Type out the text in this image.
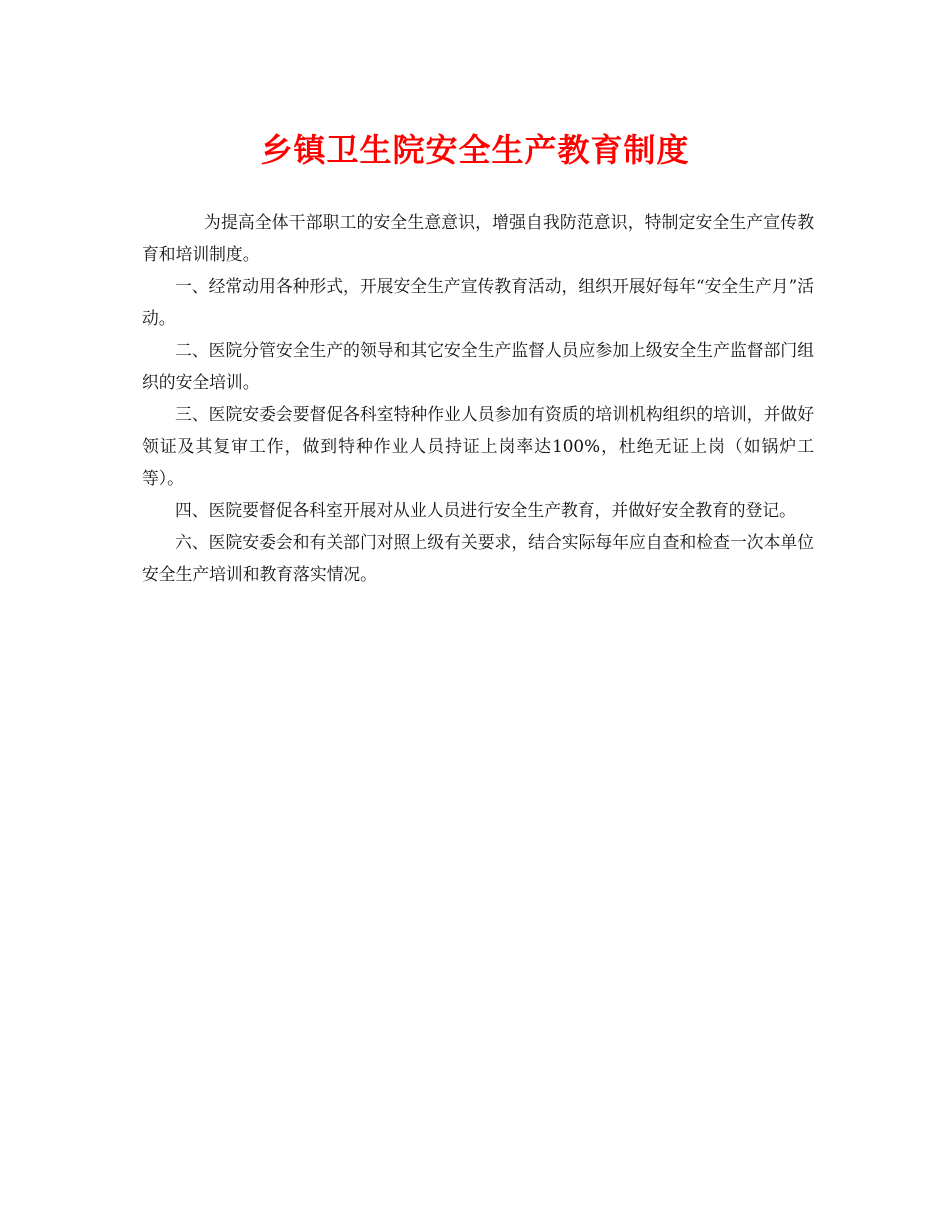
乡镇卫生院安全生产教育制度

为提高全体干部职工的安全生意意识，增强自我防范意识，特制定安全生产宣传教育和培训制度。

一、经常动用各种形式，开展安全生产宣传教育活动，组织开展好每年“安全生产月”活动。

二、医院分管安全生产的领导和其它安全生产监督人员应参加上级安全生产监督部门组织的安全培训。

三、医院安委会要督促各科室特种作业人员参加有资质的培训机构组织的培训，并做好领证及其复审工作，做到特种作业人员持证上岗率达100%，杜绝无证上岗（如锅炉工等）。

四、医院要督促各科室开展对从业人员进行安全生产教育，并做好安全教育的登记。

六、医院安委会和有关部门对照上级有关要求，结合实际每年应自查和检查一次本单位安全生产培训和教育落实情况。
